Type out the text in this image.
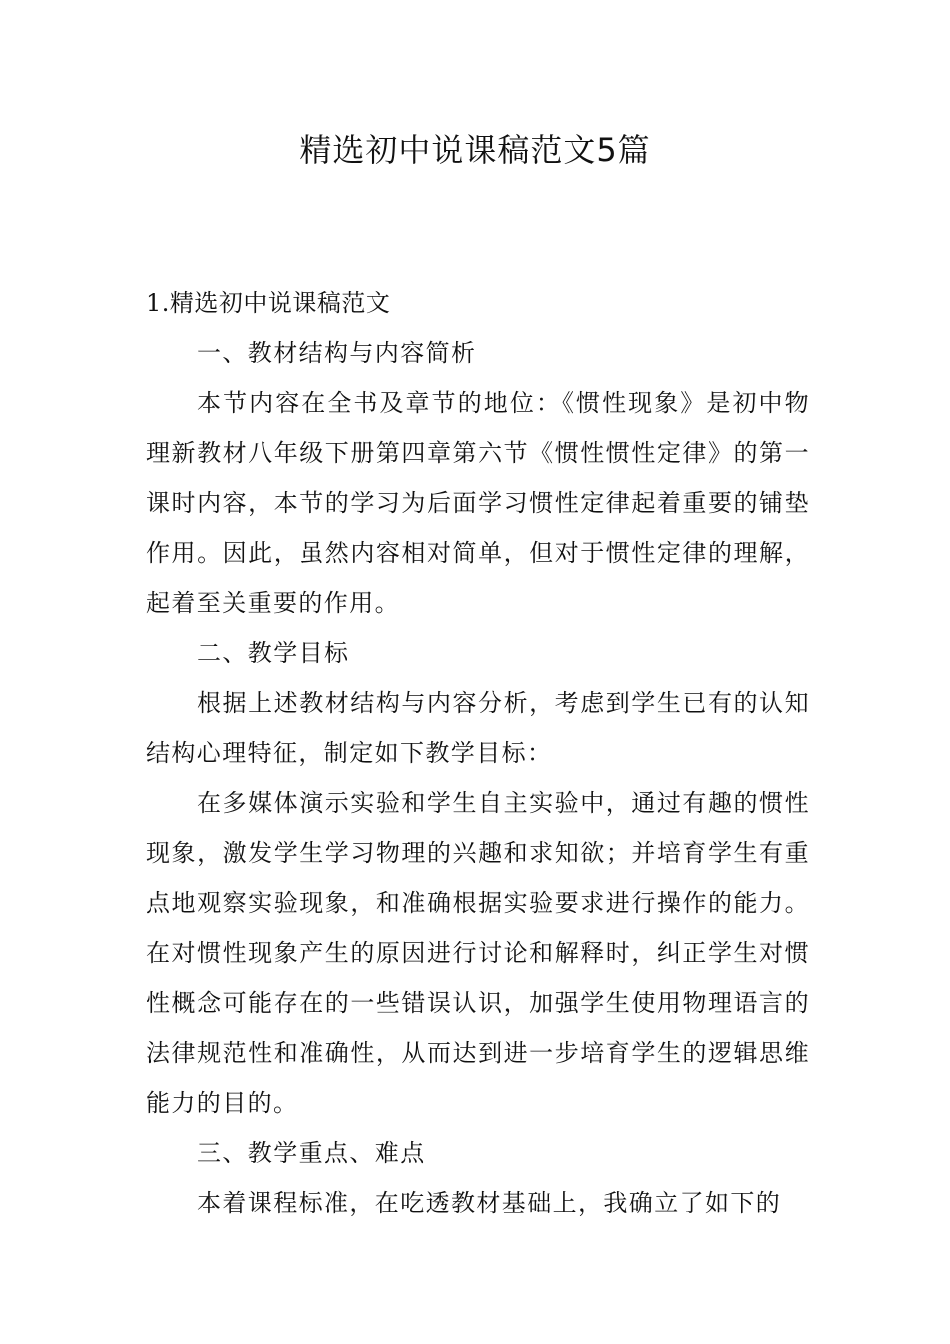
精选初中说课稿范文5篇

1.精选初中说课稿范文

一、教材结构与内容简析

本节内容在全书及章节的地位：《惯性现象》是初中物理新教材八年级下册第四章第六节《惯性惯性定律》的第一课时内容，本节的学习为后面学习惯性定律起着重要的铺垫作用。因此，虽然内容相对简单，但对于惯性定律的理解，起着至关重要的作用。

二、教学目标

根据上述教材结构与内容分析，考虑到学生已有的认知结构心理特征，制定如下教学目标：

在多媒体演示实验和学生自主实验中，通过有趣的惯性现象，激发学生学习物理的兴趣和求知欲；并培育学生有重点地观察实验现象，和准确根据实验要求进行操作的能力。在对惯性现象产生的原因进行讨论和解释时，纠正学生对惯性概念可能存在的一些错误认识，加强学生使用物理语言的法律规范性和准确性，从而达到进一步培育学生的逻辑思维能力的目的。

三、教学重点、难点

本着课程标准，在吃透教材基础上，我确立了如下的
